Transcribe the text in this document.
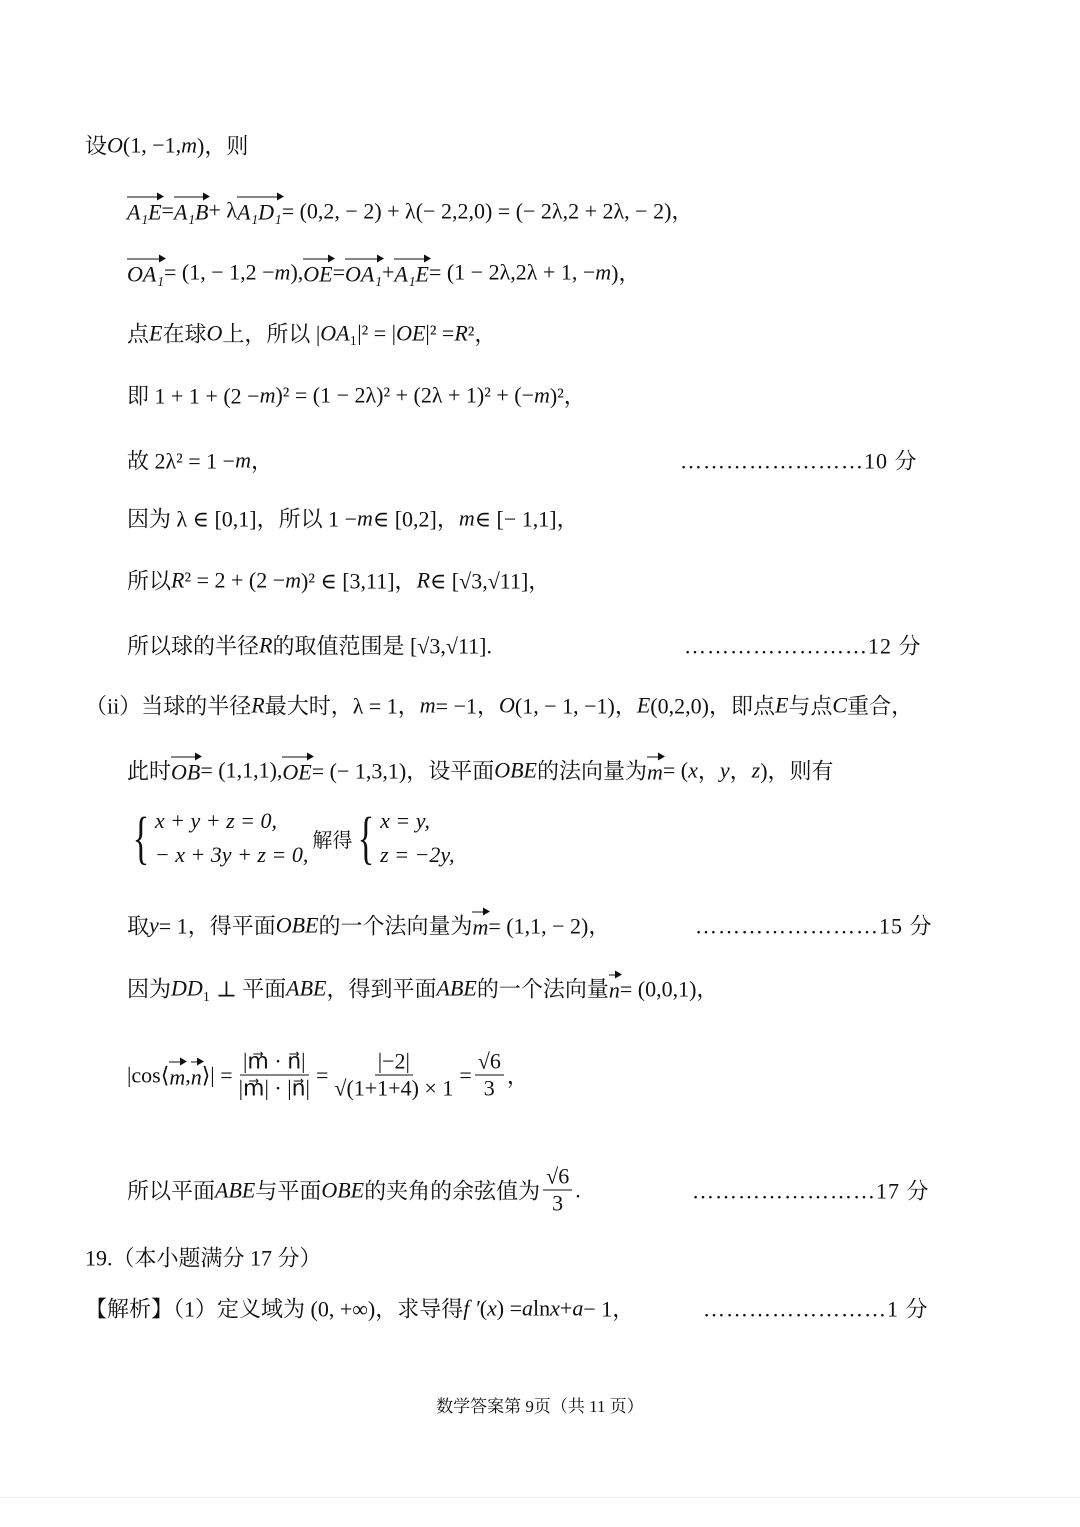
设 O (1, −1, m )，则
A₁E = A₁B + λ A₁D₁ = (0,2, − 2) + λ(− 2,2,0) = (− 2λ,2 + 2λ, − 2)，
OA₁ = (1, − 1,2 − m ), OE = OA₁ + A₁E = (1 − 2λ,2λ + 1, − m )，
点 E 在球 O 上，所以 | OA ₁|² = | OE |² = R ²，
即 1 + 1 + (2 − m )² = (1 − 2λ)² + (2λ + 1)² + (− m )²，
故 2λ² = 1 − m ，
因为 λ ∈ [0,1]，所以 1 − m ∈ [0,2]， m ∈ [− 1,1]，
所以 R ² = 2 + (2 − m )² ∈ [3,11]， R ∈ [√3,√11]，
所以球的半径 R 的取值范围是 [√3,√11].
（ii）当球的半径 R 最大时，λ = 1， m = −1， O (1, − 1, −1)， E (0,2,0)，即点 E 与点 C 重合，
此时 OB = (1,1,1), OE = (− 1,3,1)，设平面 OBE 的法向量为 m = ( x ， y ， z )，则有
取 y = 1，得平面 OBE 的一个法向量为 m = (1,1, − 2)，
因为 DD ₁ ⊥ 平面 ABE ，得到平面 ABE 的一个法向量 n = (0,0,1)，
|cos⟨ m , n ⟩| = $\frac{|m⃗ \cdot n⃗|}{|m⃗| \cdot |n⃗|} = \frac{|-2|}{√(1+1+4) \times 1} = \frac{√6}{3}$ ，
所以平面 ABE 与平面 OBE 的夹角的余弦值为 $\frac{√6}{3}$ .
19.（本小题满分 17 分）
【解析】（1）定义域为 (0, +∞)，求导得 f ′ ( x ) = a ln x + a − 1，
{ x + y + z = 0,
− x + 3y + z = 0,
解得 { x = y,
z = −2y,
……………………10 分
……………………12 分
……………………15 分
……………………17 分
……………………1 分
数学答案第 9页（共 11 页）
